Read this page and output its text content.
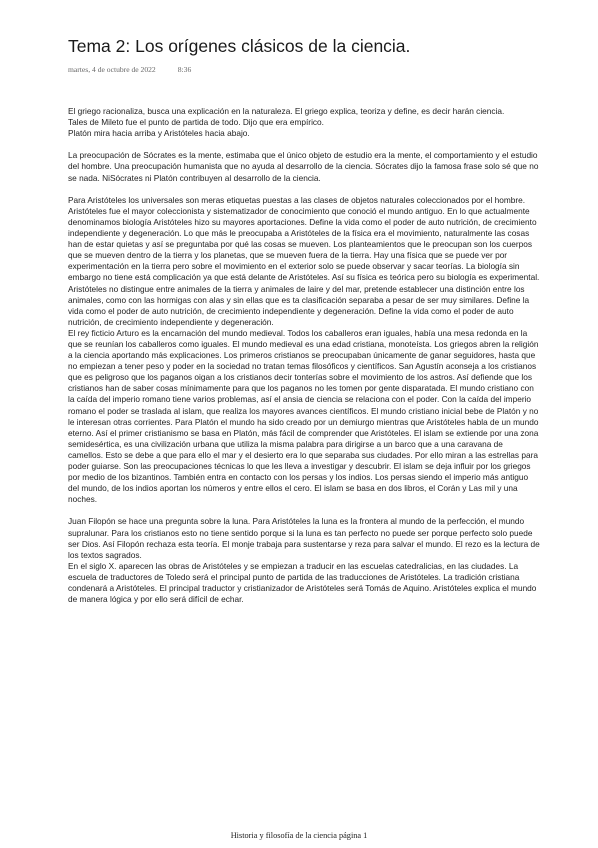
Tema 2: Los orígenes clásicos de la ciencia.
martes, 4 de octubre de 2022	8:36

El griego racionaliza, busca una explicación en la naturaleza. El griego explica, teoriza y define, es decir harán ciencia.

Tales de Mileto fue el punto de partida de todo. Dijo que era empírico.

Platón mira hacia arriba y Aristóteles hacia abajo.

La preocupación de Sócrates es la mente, estimaba que el único objeto de estudio era la mente, el comportamiento y el estudio del hombre. Una preocupación humanista que no ayuda al desarrollo de la ciencia. Sócrates dijo la famosa frase solo sé que no se nada. NiSócrates ni Platón contribuyen al desarrollo de la ciencia.

Para Aristóteles los universales son meras etiquetas puestas a las clases de objetos naturales coleccionados por el hombre. Aristóteles fue el mayor coleccionista y sistematizador de conocimiento que conoció el mundo antiguo. En lo que actualmente denominamos biología Aristóteles hizo su mayores aportaciones. Define la vida como el poder de auto nutrición, de crecimiento independiente y degeneración. Lo que más le preocupaba a Aristóteles de la física era el movimiento, naturalmente las cosas han de estar quietas y así se preguntaba por qué las cosas se mueven. Los planteamientos que le preocupan son los cuerpos que se mueven dentro de la tierra y los planetas, que se mueven fuera de la tierra. Hay una física que se puede ver por experimentación en la tierra pero sobre el movimiento en el exterior solo se puede observar y sacar teorías. La biología sin embargo no tiene está complicación ya que está delante de Aristóteles. Así su física es teórica pero su biología es experimental. Aristóteles no distingue entre animales de la tierra y animales de laire y del mar, pretende establecer una distinción entre los animales, como con las hormigas con alas y sin ellas que es ta clasificación separaba a pesar de ser muy similares. Define la vida como el poder de auto nutrición, de crecimiento independiente y degeneración. Define la vida como el poder de auto nutrición, de crecimiento independiente y degeneración.

El rey ficticio Arturo es la encarnación del mundo medieval. Todos los caballeros eran iguales, había una mesa redonda en la que se reunían los caballeros como iguales. El mundo medieval es una edad cristiana, monoteísta. Los griegos abren la religión a la ciencia aportando más explicaciones. Los primeros cristianos se preocupaban únicamente de ganar seguidores, hasta que no empiezan a tener peso y poder en la sociedad no tratan temas filosóficos y científicos. San Agustín aconseja a los cristianos que es peligroso que los paganos oigan a los cristianos decir tonterías sobre el movimiento de los astros. Así defiende que los cristianos han de saber cosas mínimamente para que los paganos no les tomen por gente disparatada. El mundo cristiano con la caída del imperio romano tiene varios problemas, así el ansia de ciencia se relaciona con el poder. Con la caída del imperio romano el poder se traslada al islam, que realiza los mayores avances científicos. El mundo cristiano inicial bebe de Platón y no le interesan otras corrientes. Para Platón el mundo ha sido creado por un demiurgo mientras que Aristóteles habla de un mundo eterno. Así el primer cristianismo se basa en Platón, más fácil de comprender que Aristóteles. El islam se extiende por una zona semidesértica, es una civilización urbana que utiliza la misma palabra para dirigirse a un barco que a una caravana de camellos. Esto se debe a que para ello el mar y el desierto era lo que separaba sus ciudades. Por ello miran a las estrellas para poder guiarse. Son las preocupaciones técnicas lo que les lleva a investigar y descubrir. El islam se deja influir por los griegos por medio de los bizantinos. También entra en contacto con los persas y los indios. Los persas siendo el imperio más antiguo del mundo, de los indios aportan los números y entre ellos el cero. El islam se basa en dos libros, el Corán y Las mil y una noches.

Juan Filopón se hace una pregunta sobre la luna. Para Aristóteles la luna es la frontera al mundo de la perfección, el mundo supralunar. Para los cristianos esto no tiene sentido porque si la luna es tan perfecto no puede ser porque perfecto solo puede ser Dios. Así Filopón rechaza esta teoría. El monje trabaja para sustentarse y reza para salvar el mundo. El rezo es la lectura de los textos sagrados.

En el siglo X. aparecen las obras de Aristóteles y se empiezan a traducir en las escuelas catedralicias, en las ciudades. La escuela de traductores de Toledo será el principal punto de partida de las traducciones de Aristóteles. La tradición cristiana condenará a Aristóteles. El principal traductor y cristianizador de Aristóteles será Tomás de Aquino. Aristóteles explica el mundo de manera lógica y por ello será difícil de echar.

Historia y filosofía de la ciencia página 1
